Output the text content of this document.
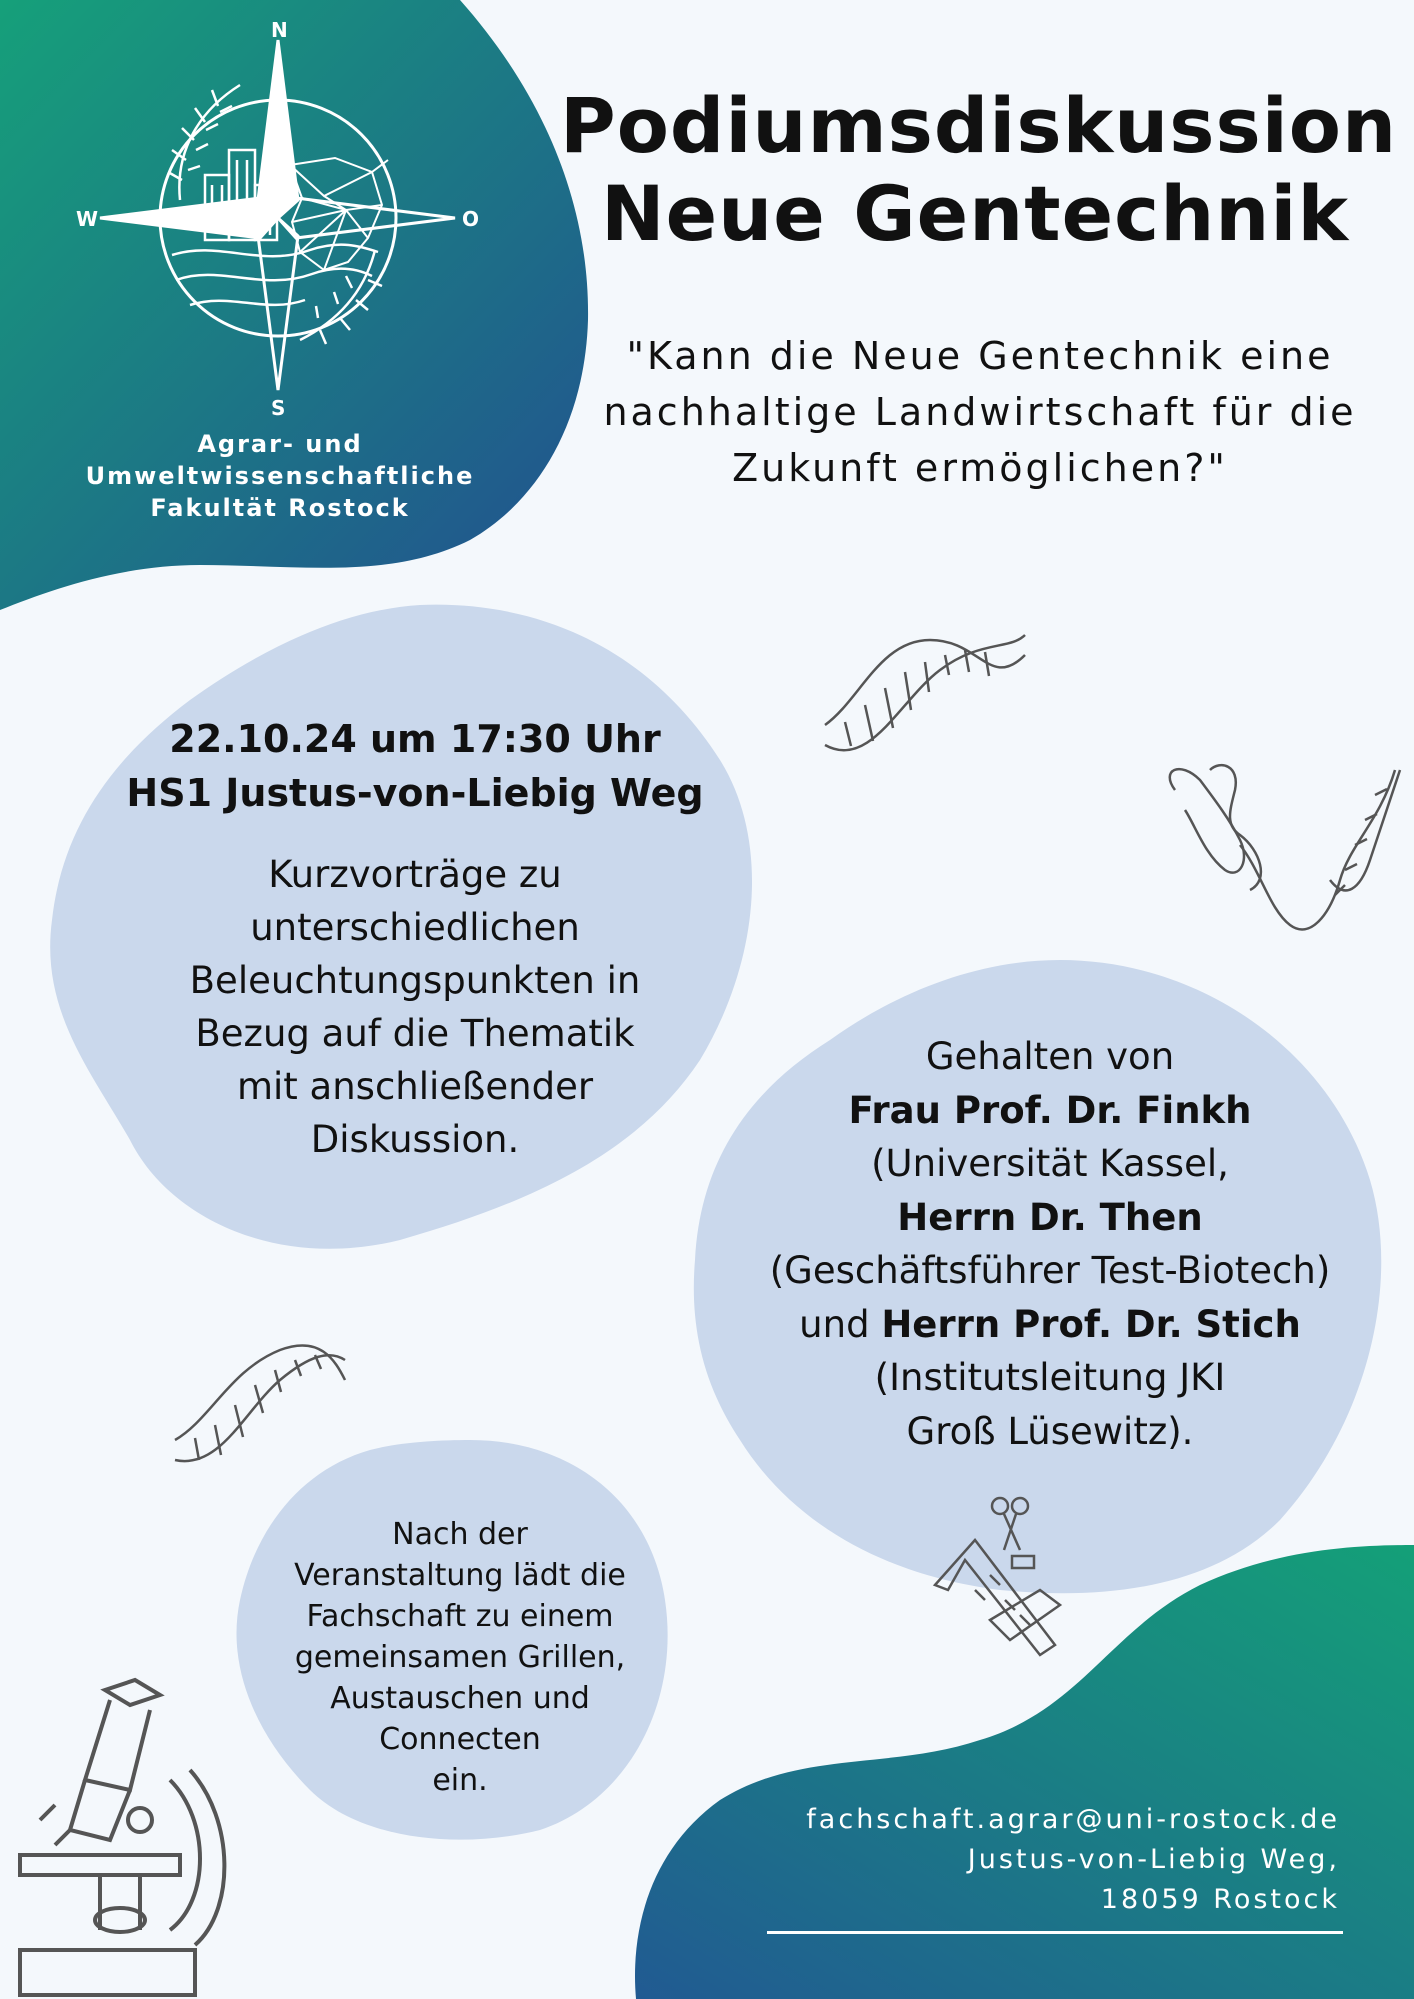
N
S
W	O
Agrar- und Umweltwissenschaftliche
Fakultät Rostock
Podiumsdiskussion
Neue Gentechnik
"Kann die Neue Gentechnik eine
nachhaltige Landwirtschaft für die
Zukunft ermöglichen?"
22.10.24 um 17:30 Uhr
HS1 Justus-von-Liebig Weg
Kurzvorträge zu
unterschiedlichen
Beleuchtungspunkten in
Bezug auf die Thematik
mit anschließender
Diskussion.
Gehalten von
Frau Prof. Dr. Finkh
(Universität Kassel,
Herrn Dr. Then
(Geschäftsführer Test-Biotech)
und Herrn Prof. Dr. Stich
(Institutsleitung JKI
Groß Lüsewitz).
Nach der
Veranstaltung lädt die
Fachschaft zu einem
gemeinsamen Grillen,
Austauschen und
Connecten
ein.
fachschaft.agrar@uni-rostock.de
Justus-von-Liebig Weg,
18059 Rostock
